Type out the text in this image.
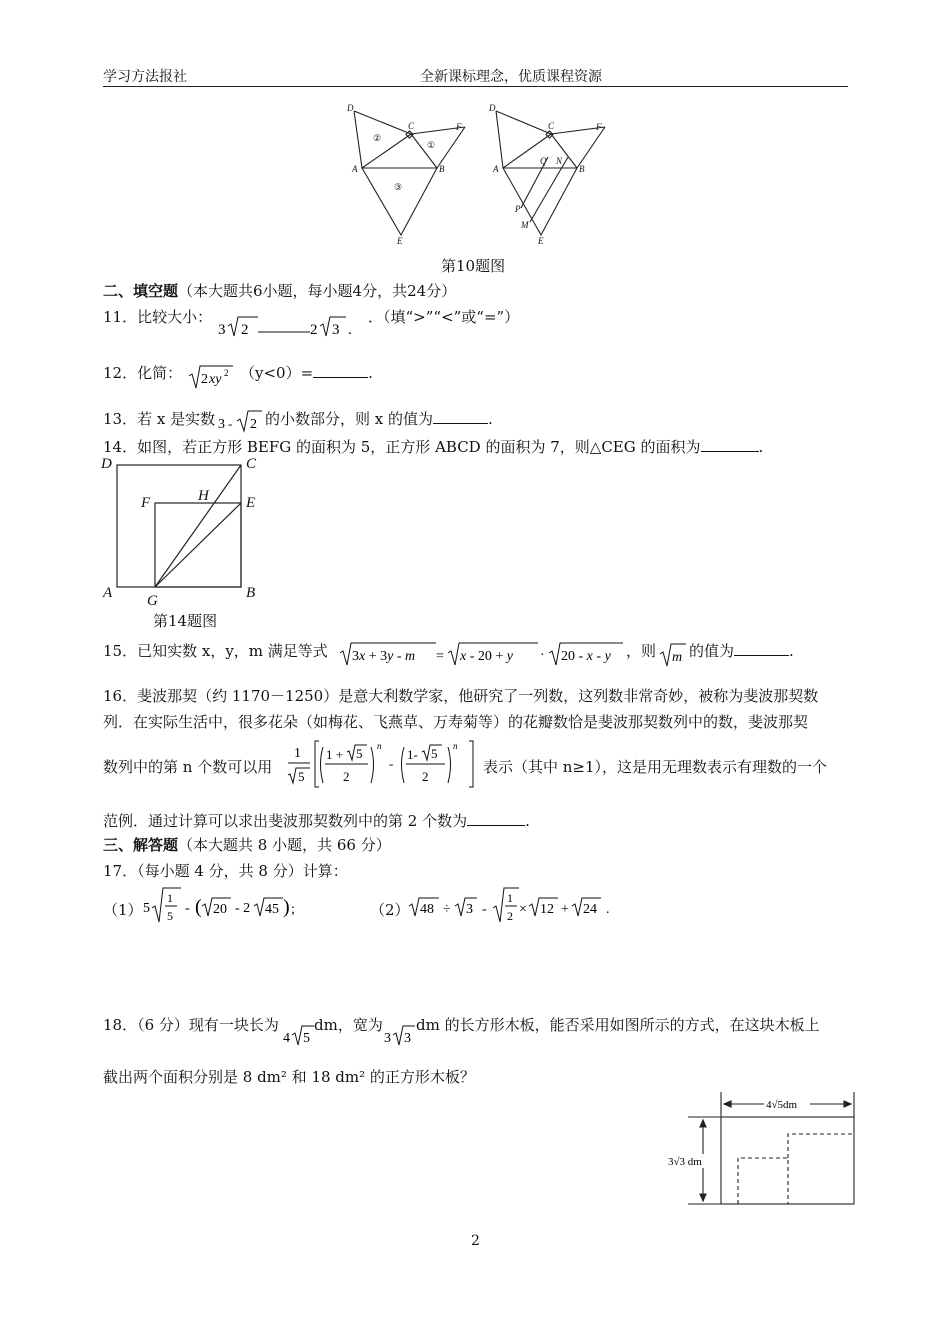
学习方法报社	全新课标理念，优质课程资源
D
C	F
A	B
E
②
①
③
D
C	F
A
Q N
B
P
M
E
第10题图
二、填空题（本大题共6小题，每小题4分，共24分）
11．比较大小：
3 2	2 3 .
．（填“>”“<”或“=”）
12．化简： 2 xy 2 （y<0）=	.
13．若 x 是实数 3 - 2 的小数部分，则 x 的值为	.
14．如图，若正方形 BEFG 的面积为 5，正方形 ABCD 的面积为 7，则△CEG 的面积为	.
D	C
F	H E
A G	B
第14题图
15．已知实数 x，y，m 满足等式 3x + 3y - m = x - 20 + y · 20 - x - y ，则 m 的值为	.
16．斐波那契（约 1170－1250）是意大利数学家，他研究了一列数，这列数非常奇妙，被称为斐波那契数
列．在实际生活中，很多花朵（如梅花、飞燕草、万寿菊等）的花瓣数恰是斐波那契数列中的数，斐波那契
数列中的第 n 个数可以用
1
5
1 + 5
2
n
-
1- 5
2
n
表示（其中 n≥1），这是用无理数表示有理数的一个
范例．通过计算可以求出斐波那契数列中的第 2 个数为	.
三、解答题（本大题共 8 小题，共 66 分）
17．（每小题 4 分，共 8 分）计算：
（1） 5
1
5 - ( 20 - 2 45 ) ;	（2） 48 ÷ 3 -
1
2 × 12 + 24 .
18．（6 分）现有一块长为
4 5
dm，宽为
3 3
dm 的长方形木板，能否采用如图所示的方式，在这块木板上
截出两个面积分别是 8 dm² 和 18 dm² 的正方形木板？
4√5dm
3√3 dm
2
